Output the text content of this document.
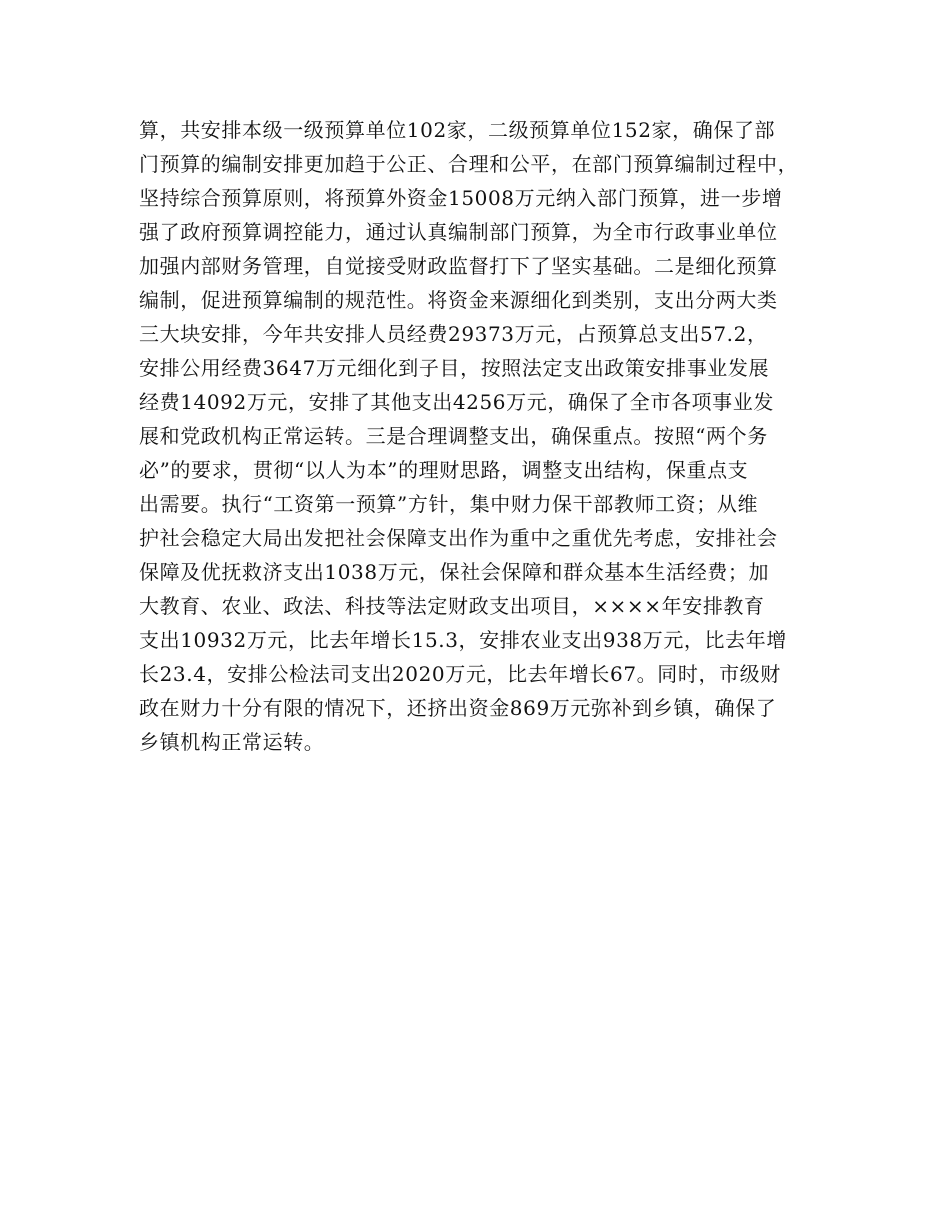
算，共安排本级一级预算单位102家，二级预算单位152家，确保了部
门预算的编制安排更加趋于公正、合理和公平，在部门预算编制过程中，
坚持综合预算原则，将预算外资金15008万元纳入部门预算，进一步增
强了政府预算调控能力，通过认真编制部门预算，为全市行政事业单位
加强内部财务管理，自觉接受财政监督打下了坚实基础。二是细化预算
编制，促进预算编制的规范性。将资金来源细化到类别，支出分两大类
三大块安排，今年共安排人员经费29373万元，占预算总支出57.2，
安排公用经费3647万元细化到子目，按照法定支出政策安排事业发展
经费14092万元，安排了其他支出4256万元，确保了全市各项事业发
展和党政机构正常运转。三是合理调整支出，确保重点。按照“两个务
必”的要求，贯彻“以人为本”的理财思路，调整支出结构，保重点支
出需要。执行“工资第一预算”方针，集中财力保干部教师工资；从维
护社会稳定大局出发把社会保障支出作为重中之重优先考虑，安排社会
保障及优抚救济支出1038万元，保社会保障和群众基本生活经费；加
大教育、农业、政法、科技等法定财政支出项目，××××年安排教育
支出10932万元，比去年增长15.3，安排农业支出938万元，比去年增
长23.4，安排公检法司支出2020万元，比去年增长67。同时，市级财
政在财力十分有限的情况下，还挤出资金869万元弥补到乡镇，确保了
乡镇机构正常运转。
